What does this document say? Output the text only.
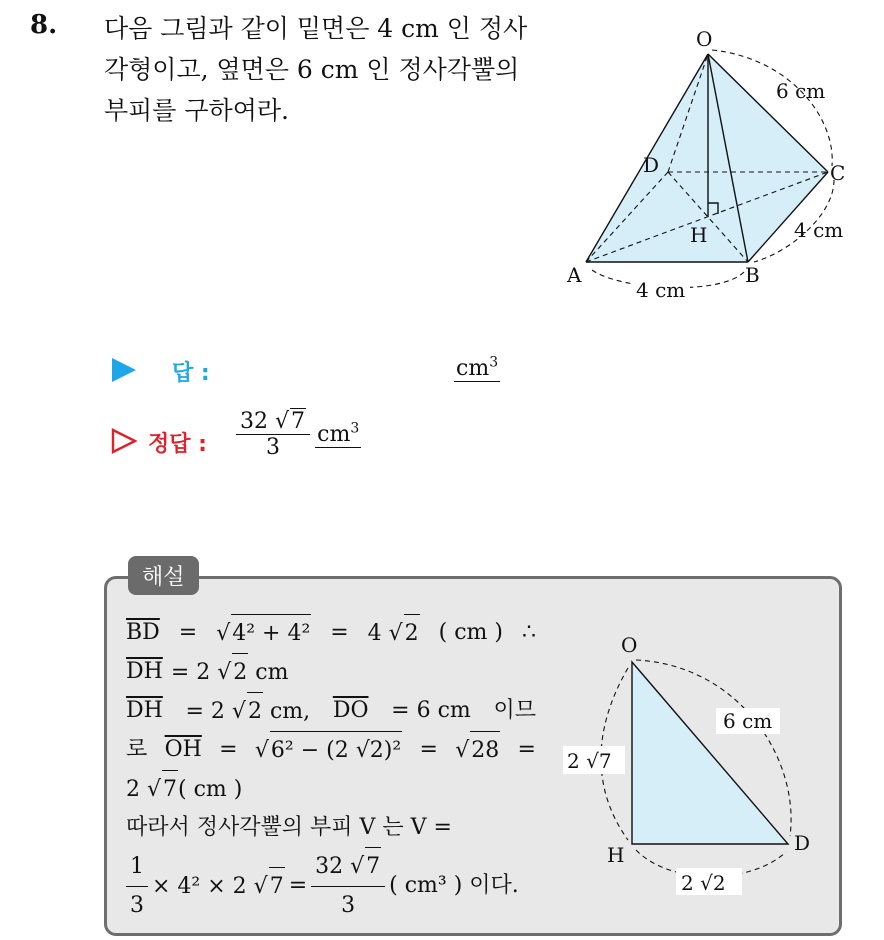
8. 다음 그림과 같이 밑면은 4 cm 인 정사
각형이고, 옆면은 6 cm 인 정사각뿔의
부피를 구하여라.
O
A	B
C
D
H
6 cm
4 cm
4 cm
답 :	$cm^3$
정답 : $\frac{32 √7}{3} cm^3$
해설
$\overline{BD} = √4^2 + 4^2 = 4$ √2 ( cm ) ∴
$\overline{DH} = 2$ √2 cm
$\overline{DH} = 2$ √2 cm, $\overline{DO} = 6$ cm 이므
로 $\overline{OH} = √6^2 - (2$ √2)² = √28 =
2 √7( cm )
따라서 정사각뿔의 부피 V 는 V =
$\frac{1}{3} \times 4^2 \times 2$ $√7 = \frac{32 √7}{3}$ ( cm³ ) 이다.
O
H	D
6 cm
2 √7
2 √2
